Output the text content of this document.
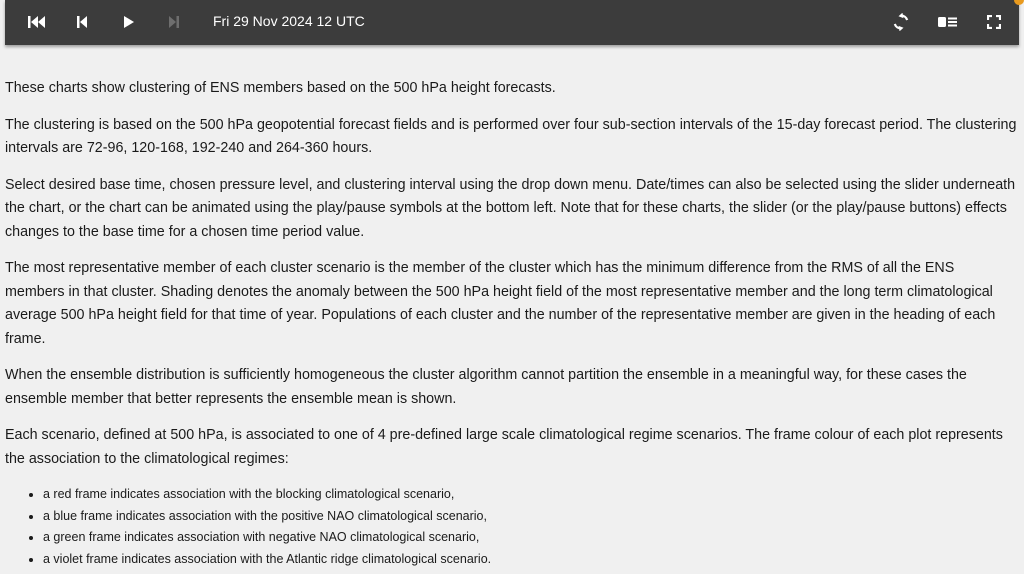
Fri 29 Nov 2024 12 UTC

These charts show clustering of ENS members based on the 500 hPa height forecasts.

The clustering is based on the 500 hPa geopotential forecast fields and is performed over four sub-section intervals of the 15-day forecast period. The clustering intervals are 72-96, 120-168, 192-240 and 264-360 hours.

Select desired base time, chosen pressure level, and clustering interval using the drop down menu. Date/times can also be selected using the slider underneath the chart, or the chart can be animated using the play/pause symbols at the bottom left. Note that for these charts, the slider (or the play/pause buttons) effects changes to the base time for a chosen time period value.

The most representative member of each cluster scenario is the member of the cluster which has the minimum difference from the RMS of all the ENS members in that cluster. Shading denotes the anomaly between the 500 hPa height field of the most representative member and the long term climatological average 500 hPa height field for that time of year. Populations of each cluster and the number of the representative member are given in the heading of each frame.

When the ensemble distribution is sufficiently homogeneous the cluster algorithm cannot partition the ensemble in a meaningful way, for these cases the ensemble member that better represents the ensemble mean is shown.

Each scenario, defined at 500 hPa, is associated to one of 4 pre-defined large scale climatological regime scenarios. The frame colour of each plot represents the association to the climatological regimes:

• a red frame indicates association with the blocking climatological scenario,
• a blue frame indicates association with the positive NAO climatological scenario,
• a green frame indicates association with negative NAO climatological scenario,
• a violet frame indicates association with the Atlantic ridge climatological scenario.
